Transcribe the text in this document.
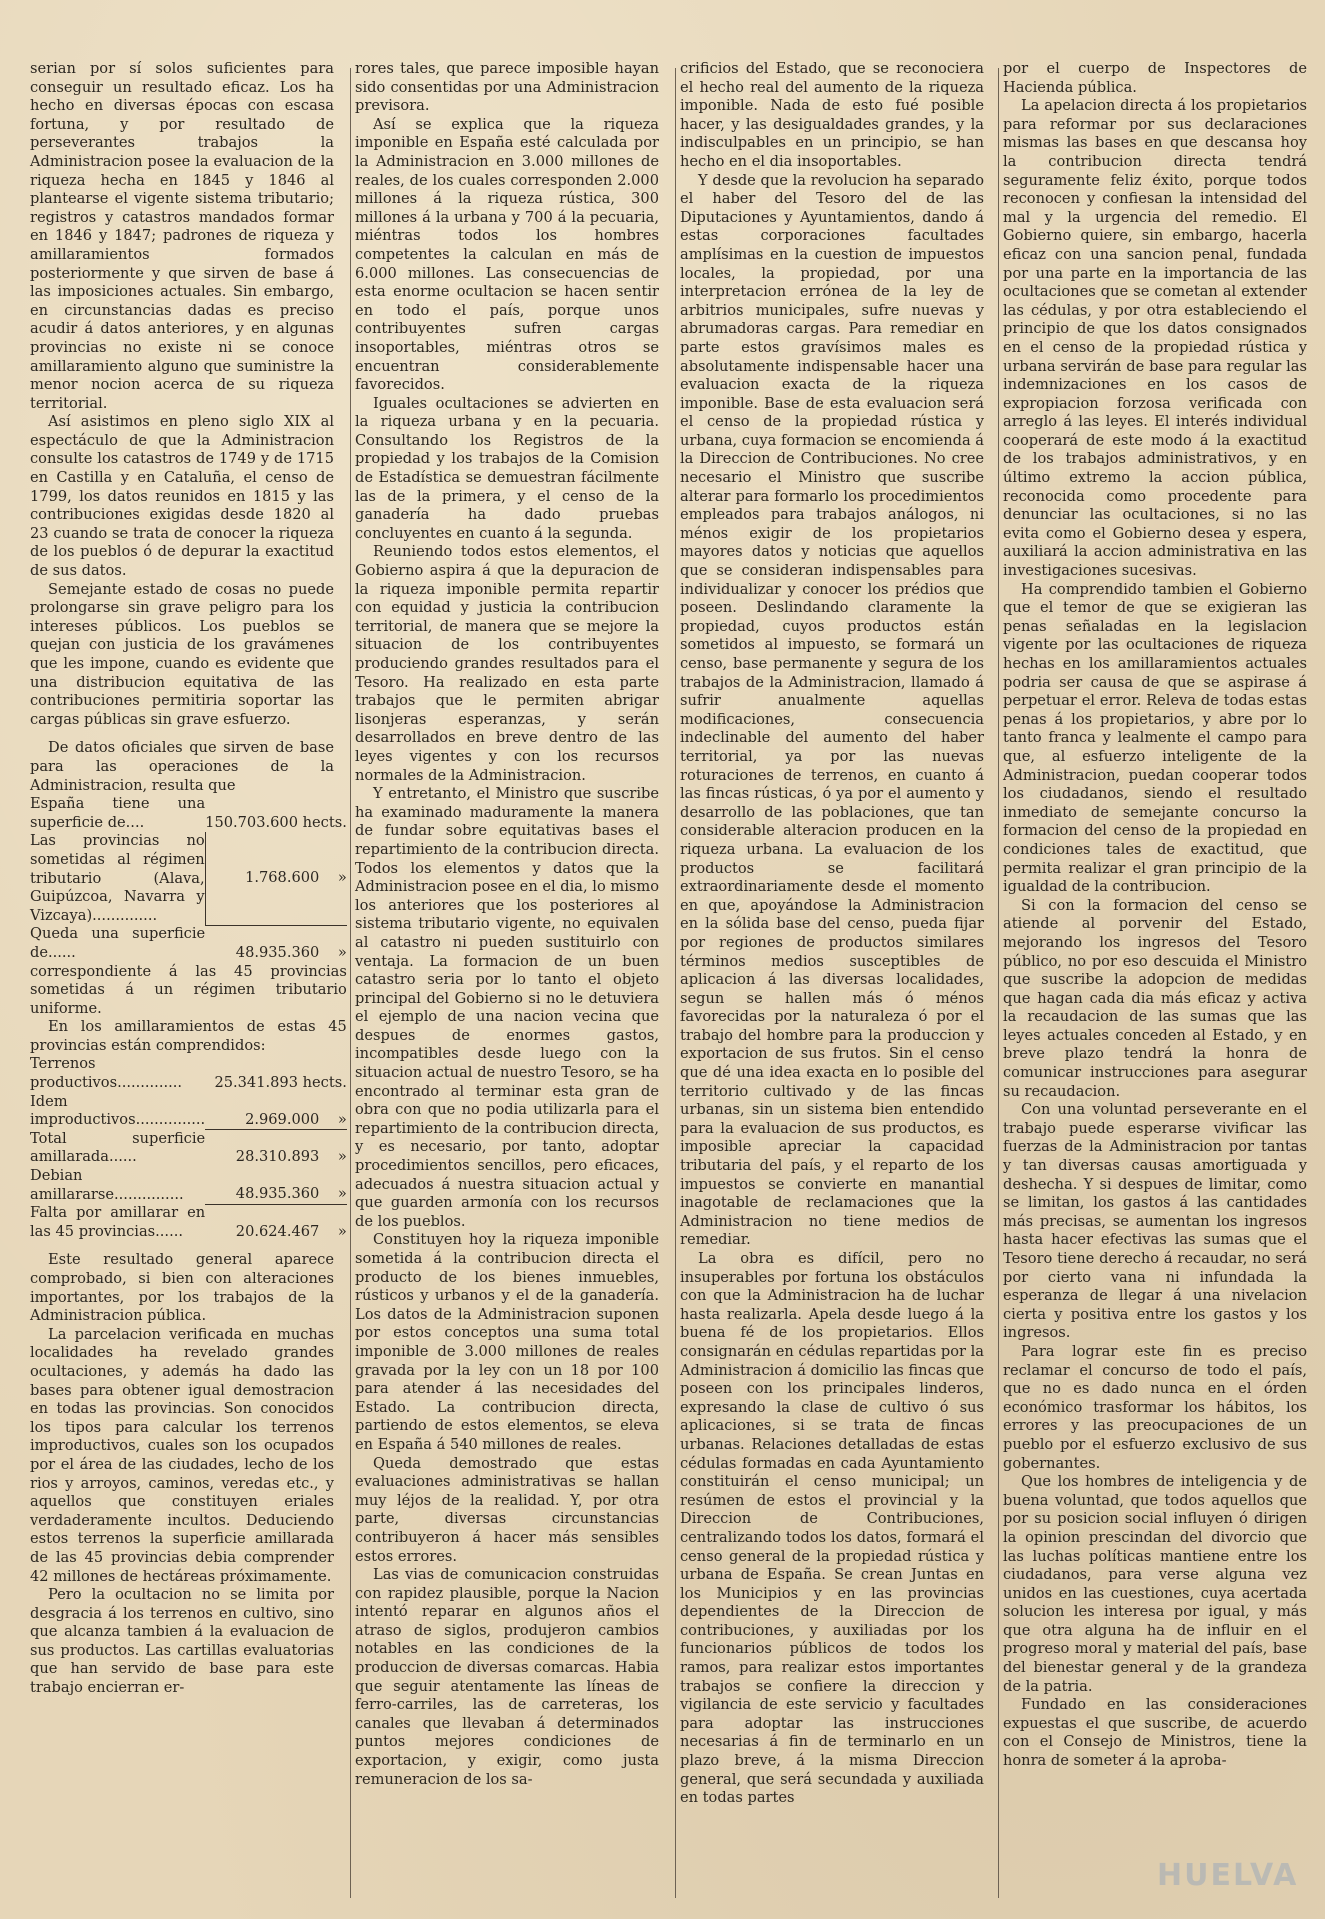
serian por sí solos suficientes para conseguir un resultado eficaz. Los ha hecho en diversas épocas con escasa fortuna, y por resultado de perseverantes trabajos la Administracion posee la evaluacion de la riqueza hecha en 1845 y 1846 al plantearse el vigente sistema tributario; registros y catastros mandados formar en 1846 y 1847; padrones de riqueza y amillaramientos formados posteriormente y que sirven de base á las imposiciones actuales. Sin embargo, en circunstancias dadas es preciso acudir á datos anteriores, y en algunas provincias no existe ni se conoce amillaramiento alguno que suministre la menor nocion acerca de su riqueza territorial.

Así asistimos en pleno siglo XIX al espectáculo de que la Administracion consulte los catastros de 1749 y de 1715 en Castilla y en Cataluña, el censo de 1799, los datos reunidos en 1815 y las contribuciones exigidas desde 1820 al 23 cuando se trata de conocer la riqueza de los pueblos ó de depurar la exactitud de sus datos.

Semejante estado de cosas no puede prolongarse sin grave peligro para los intereses públicos. Los pueblos se quejan con justicia de los gravámenes que les impone, cuando es evidente que una distribucion equitativa de las contribuciones permitiria soportar las cargas públicas sin grave esfuerzo.

De datos oficiales que sirven de base para las operaciones de la Administracion, resulta que

España tiene una superficie de....	150.703.600 hects.
Las provincias no sometidas al régimen tributario (Alava, Guipúzcoa, Navarra y Vizcaya)..............	1.768.600 »
Queda una superficie de......	48.935.360 »
correspondiente á las 45 provincias sometidas á un régimen tributario uniforme.	
En los amillaramientos de estas 45 provincias están comprendidos:	
Terrenos productivos..............	25.341.893 hects.
Idem improductivos...............	2.969.000 »
Total superficie amillarada......	28.310.893 »
Debian amillararse...............	48.935.360 »
Falta por amillarar en las 45 provincias......	20.624.467 »

Este resultado general aparece comprobado, si bien con alteraciones importantes, por los trabajos de la Administracion pública.

La parcelacion verificada en muchas localidades ha revelado grandes ocultaciones, y además ha dado las bases para obtener igual demostracion en todas las provincias. Son conocidos los tipos para calcular los terrenos improductivos, cuales son los ocupados por el área de las ciudades, lecho de los rios y arroyos, caminos, veredas etc., y aquellos que constituyen eriales verdaderamente incultos. Deduciendo estos terrenos la superficie amillarada de las 45 provincias debia comprender 42 millones de hectáreas próximamente.

Pero la ocultacion no se limita por desgracia á los terrenos en cultivo, sino que alcanza tambien á la evaluacion de sus productos. Las cartillas evaluatorias que han servido de base para este trabajo encierran er-

rores tales, que parece imposible hayan sido consentidas por una Administracion previsora.

Así se explica que la riqueza imponible en España esté calculada por la Administracion en 3.000 millones de reales, de los cuales corresponden 2.000 millones á la riqueza rústica, 300 millones á la urbana y 700 á la pecuaria, miéntras todos los hombres competentes la calculan en más de 6.000 millones. Las consecuencias de esta enorme ocultacion se hacen sentir en todo el país, porque unos contribuyentes sufren cargas insoportables, miéntras otros se encuentran considerablemente favorecidos.

Iguales ocultaciones se advierten en la riqueza urbana y en la pecuaria. Consultando los Registros de la propiedad y los trabajos de la Comision de Estadística se demuestran fácilmente las de la primera, y el censo de la ganadería ha dado pruebas concluyentes en cuanto á la segunda.

Reuniendo todos estos elementos, el Gobierno aspira á que la depuracion de la riqueza imponible permita repartir con equidad y justicia la contribucion territorial, de manera que se mejore la situacion de los contribuyentes produciendo grandes resultados para el Tesoro. Ha realizado en esta parte trabajos que le permiten abrigar lisonjeras esperanzas, y serán desarrollados en breve dentro de las leyes vigentes y con los recursos normales de la Administracion.

Y entretanto, el Ministro que suscribe ha examinado maduramente la manera de fundar sobre equitativas bases el repartimiento de la contribucion directa. Todos los elementos y datos que la Administracion posee en el dia, lo mismo los anteriores que los posteriores al sistema tributario vigente, no equivalen al catastro ni pueden sustituirlo con ventaja. La formacion de un buen catastro seria por lo tanto el objeto principal del Gobierno si no le detuviera el ejemplo de una nacion vecina que despues de enormes gastos, incompatibles desde luego con la situacion actual de nuestro Tesoro, se ha encontrado al terminar esta gran de obra con que no podia utilizarla para el repartimiento de la contribucion directa, y es necesario, por tanto, adoptar procedimientos sencillos, pero eficaces, adecuados á nuestra situacion actual y que guarden armonía con los recursos de los pueblos.

Constituyen hoy la riqueza imponible sometida á la contribucion directa el producto de los bienes inmuebles, rústicos y urbanos y el de la ganadería. Los datos de la Administracion suponen por estos conceptos una suma total imponible de 3.000 millones de reales gravada por la ley con un 18 por 100 para atender á las necesidades del Estado. La contribucion directa, partiendo de estos elementos, se eleva en España á 540 millones de reales.

Queda demostrado que estas evaluaciones administrativas se hallan muy léjos de la realidad. Y, por otra parte, diversas circunstancias contribuyeron á hacer más sensibles estos errores.

Las vias de comunicacion construidas con rapidez plausible, porque la Nacion intentó reparar en algunos años el atraso de siglos, produjeron cambios notables en las condiciones de la produccion de diversas comarcas. Habia que seguir atentamente las líneas de ferro-carriles, las de carreteras, los canales que llevaban á determinados puntos mejores condiciones de exportacion, y exigir, como justa remuneracion de los sa-

crificios del Estado, que se reconociera el hecho real del aumento de la riqueza imponible. Nada de esto fué posible hacer, y las desigualdades grandes, y la indisculpables en un principio, se han hecho en el dia insoportables.

Y desde que la revolucion ha separado el haber del Tesoro del de las Diputaciones y Ayuntamientos, dando á estas corporaciones facultades amplísimas en la cuestion de impuestos locales, la propiedad, por una interpretacion errónea de la ley de arbitrios municipales, sufre nuevas y abrumadoras cargas. Para remediar en parte estos gravísimos males es absolutamente indispensable hacer una evaluacion exacta de la riqueza imponible. Base de esta evaluacion será el censo de la propiedad rústica y urbana, cuya formacion se encomienda á la Direccion de Contribuciones. No cree necesario el Ministro que suscribe alterar para formarlo los procedimientos empleados para trabajos análogos, ni ménos exigir de los propietarios mayores datos y noticias que aquellos que se consideran indispensables para individualizar y conocer los prédios que poseen. Deslindando claramente la propiedad, cuyos productos están sometidos al impuesto, se formará un censo, base permanente y segura de los trabajos de la Administracion, llamado á sufrir anualmente aquellas modificaciones, consecuencia indeclinable del aumento del haber territorial, ya por las nuevas roturaciones de terrenos, en cuanto á las fincas rústicas, ó ya por el aumento y desarrollo de las poblaciones, que tan considerable alteracion producen en la riqueza urbana. La evaluacion de los productos se facilitará extraordinariamente desde el momento en que, apoyándose la Administracion en la sólida base del censo, pueda fijar por regiones de productos similares términos medios susceptibles de aplicacion á las diversas localidades, segun se hallen más ó ménos favorecidas por la naturaleza ó por el trabajo del hombre para la produccion y exportacion de sus frutos. Sin el censo que dé una idea exacta en lo posible del territorio cultivado y de las fincas urbanas, sin un sistema bien entendido para la evaluacion de sus productos, es imposible apreciar la capacidad tributaria del país, y el reparto de los impuestos se convierte en manantial inagotable de reclamaciones que la Administracion no tiene medios de remediar.

La obra es difícil, pero no insuperables por fortuna los obstáculos con que la Administracion ha de luchar hasta realizarla. Apela desde luego á la buena fé de los propietarios. Ellos consignarán en cédulas repartidas por la Administracion á domicilio las fincas que poseen con los principales linderos, expresando la clase de cultivo ó sus aplicaciones, si se trata de fincas urbanas. Relaciones detalladas de estas cédulas formadas en cada Ayuntamiento constituirán el censo municipal; un resúmen de estos el provincial y la Direccion de Contribuciones, centralizando todos los datos, formará el censo general de la propiedad rústica y urbana de España. Se crean Juntas en los Municipios y en las provincias dependientes de la Direccion de contribuciones, y auxiliadas por los funcionarios públicos de todos los ramos, para realizar estos importantes trabajos se confiere la direccion y vigilancia de este servicio y facultades para adoptar las instrucciones necesarias á fin de terminarlo en un plazo breve, á la misma Direccion general, que será secundada y auxiliada en todas partes

por el cuerpo de Inspectores de Hacienda pública.

La apelacion directa á los propietarios para reformar por sus declaraciones mismas las bases en que descansa hoy la contribucion directa tendrá seguramente feliz éxito, porque todos reconocen y confiesan la intensidad del mal y la urgencia del remedio. El Gobierno quiere, sin embargo, hacerla eficaz con una sancion penal, fundada por una parte en la importancia de las ocultaciones que se cometan al extender las cédulas, y por otra estableciendo el principio de que los datos consignados en el censo de la propiedad rústica y urbana servirán de base para regular las indemnizaciones en los casos de expropiacion forzosa verificada con arreglo á las leyes. El interés individual cooperará de este modo á la exactitud de los trabajos administrativos, y en último extremo la accion pública, reconocida como procedente para denunciar las ocultaciones, si no las evita como el Gobierno desea y espera, auxiliará la accion administrativa en las investigaciones sucesivas.

Ha comprendido tambien el Gobierno que el temor de que se exigieran las penas señaladas en la legislacion vigente por las ocultaciones de riqueza hechas en los amillaramientos actuales podria ser causa de que se aspirase á perpetuar el error. Releva de todas estas penas á los propietarios, y abre por lo tanto franca y lealmente el campo para que, al esfuerzo inteligente de la Administracion, puedan cooperar todos los ciudadanos, siendo el resultado inmediato de semejante concurso la formacion del censo de la propiedad en condiciones tales de exactitud, que permita realizar el gran principio de la igualdad de la contribucion.

Si con la formacion del censo se atiende al porvenir del Estado, mejorando los ingresos del Tesoro público, no por eso descuida el Ministro que suscribe la adopcion de medidas que hagan cada dia más eficaz y activa la recaudacion de las sumas que las leyes actuales conceden al Estado, y en breve plazo tendrá la honra de comunicar instrucciones para asegurar su recaudacion.

Con una voluntad perseverante en el trabajo puede esperarse vivificar las fuerzas de la Administracion por tantas y tan diversas causas amortiguada y deshecha. Y si despues de limitar, como se limitan, los gastos á las cantidades más precisas, se aumentan los ingresos hasta hacer efectivas las sumas que el Tesoro tiene derecho á recaudar, no será por cierto vana ni infundada la esperanza de llegar á una nivelacion cierta y positiva entre los gastos y los ingresos.

Para lograr este fin es preciso reclamar el concurso de todo el país, que no es dado nunca en el órden económico trasformar los hábitos, los errores y las preocupaciones de un pueblo por el esfuerzo exclusivo de sus gobernantes.

Que los hombres de inteligencia y de buena voluntad, que todos aquellos que por su posicion social influyen ó dirigen la opinion prescindan del divorcio que las luchas políticas mantiene entre los ciudadanos, para verse alguna vez unidos en las cuestiones, cuya acertada solucion les interesa por igual, y más que otra alguna ha de influir en el progreso moral y material del país, base del bienestar general y de la grandeza de la patria.

Fundado en las consideraciones expuestas el que suscribe, de acuerdo con el Consejo de Ministros, tiene la honra de someter á la aproba-

HUELVA
